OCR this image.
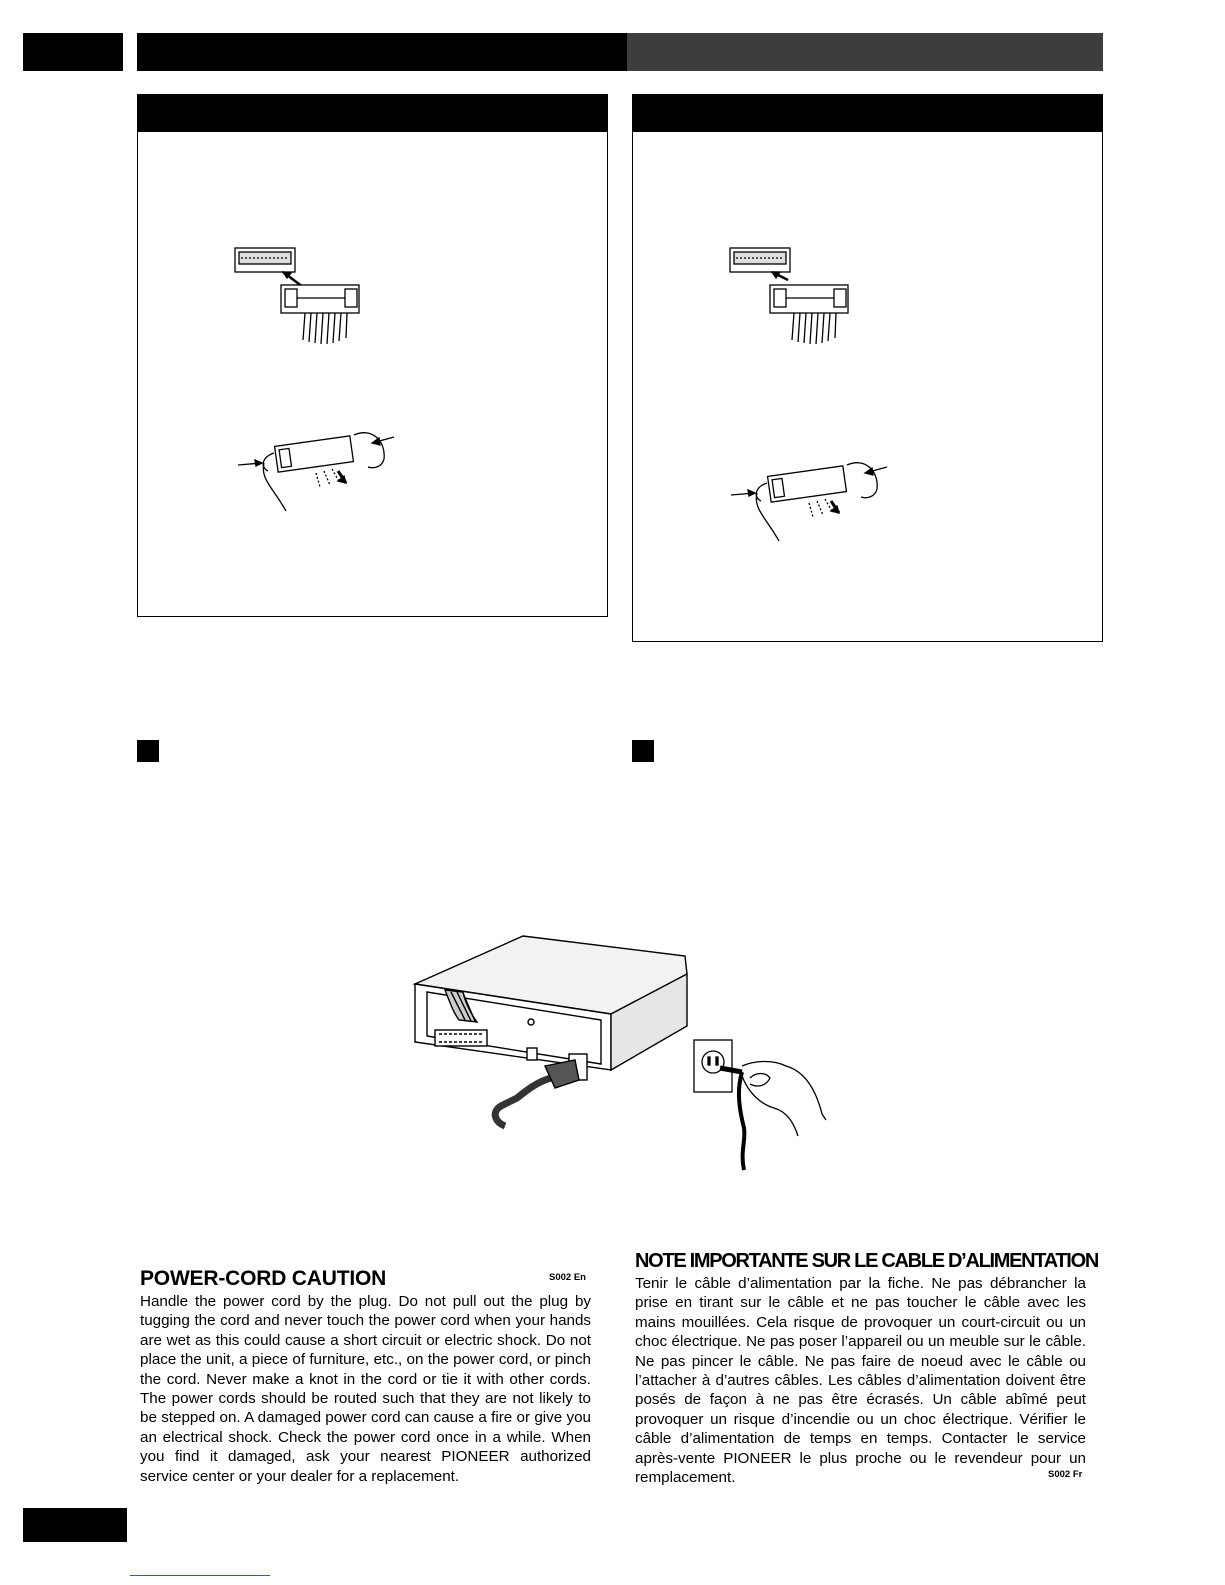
POWER-CORD CAUTION	S002 En
Handle the power cord by the plug. Do not pull out the plug by tugging the cord and never touch the power cord when your hands are wet as this could cause a short circuit or electric shock. Do not place the unit, a piece of furniture, etc., on the power cord, or pinch the cord. Never make a knot in the cord or tie it with other cords. The power cords should be routed such that they are not likely to be stepped on. A damaged power cord can cause a fire or give you an electrical shock. Check the power cord once in a while. When you find it damaged, ask your nearest PIONEER authorized service center or your dealer for a replacement.
NOTE IMPORTANTE SUR LE CABLE D’ALIMENTATION
Tenir le câble d’alimentation par la fiche. Ne pas débrancher la prise en tirant sur le câble et ne pas toucher le câble avec les mains mouillées. Cela risque de provoquer un court-circuit ou un choc électrique. Ne pas poser l’appareil ou un meuble sur le câble. Ne pas pincer le câble. Ne pas faire de noeud avec le câble ou l’attacher à d’autres câbles. Les câbles d’alimentation doivent être posés de façon à ne pas être écrasés. Un câble abîmé peut provoquer un risque d’incendie ou un choc électrique. Vérifier le câble d’alimentation de temps en temps. Contacter le service après-vente PIONEER le plus proche ou le revendeur pour un remplacement.	S002 Fr
